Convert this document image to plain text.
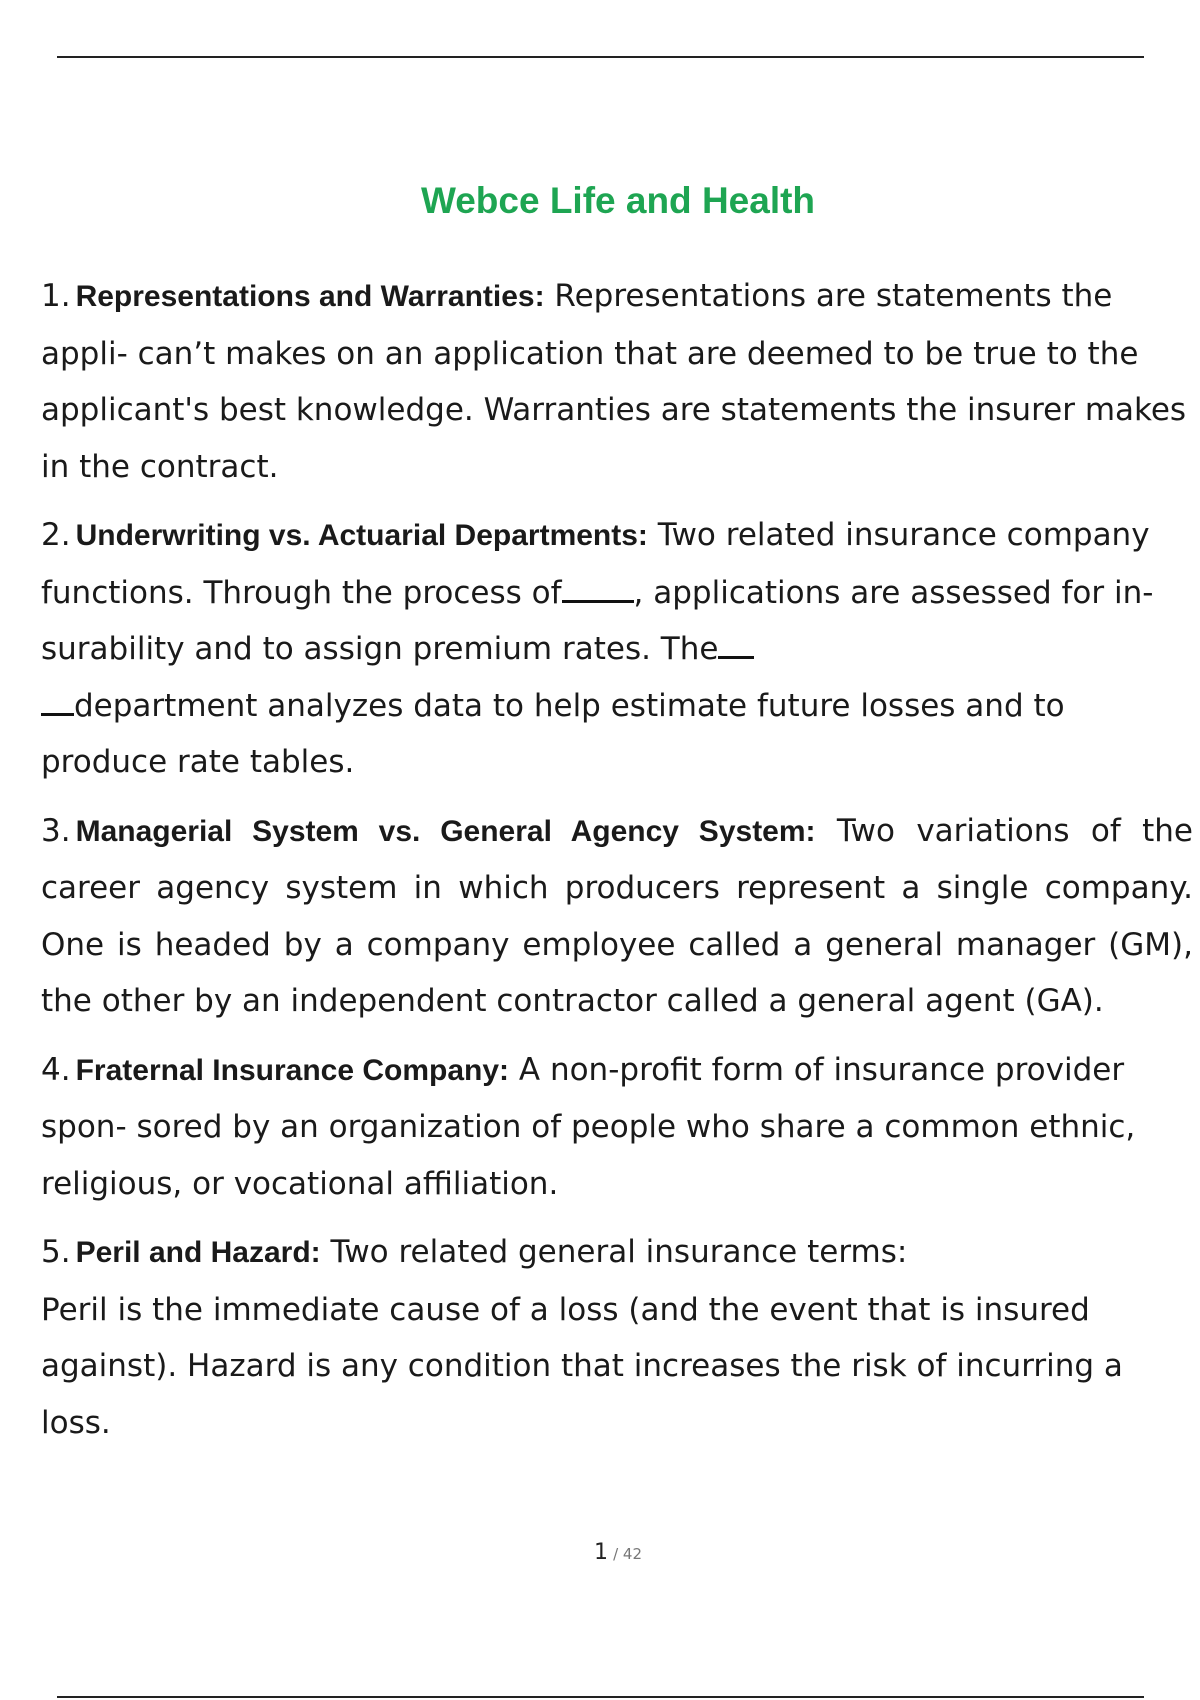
Webce Life and Health

1. Representations and Warranties: Representations are statements the appli- can’t makes on an application that are deemed to be true to the applicant's best knowledge. Warranties are statements the insurer makes in the contract.

2. Underwriting vs. Actuarial Departments: Two related insurance company functions. Through the process of , applications are assessed for in- surability and to assign premium rates. The
department analyzes data to help estimate future losses and to produce rate tables.

3. Managerial System vs. General Agency System: Two variations of the career agency system in which producers represent a single company. One is headed by a company employee called a general manager (GM), the other by an independent contractor called a general agent (GA).

4. Fraternal Insurance Company: A non-profit form of insurance provider spon- sored by an organization of people who share a common ethnic, religious, or vocational affiliation.

5. Peril and Hazard: Two related general insurance terms:
Peril is the immediate cause of a loss (and the event that is insured against). Hazard is any condition that increases the risk of incurring a loss.

1 / 42
